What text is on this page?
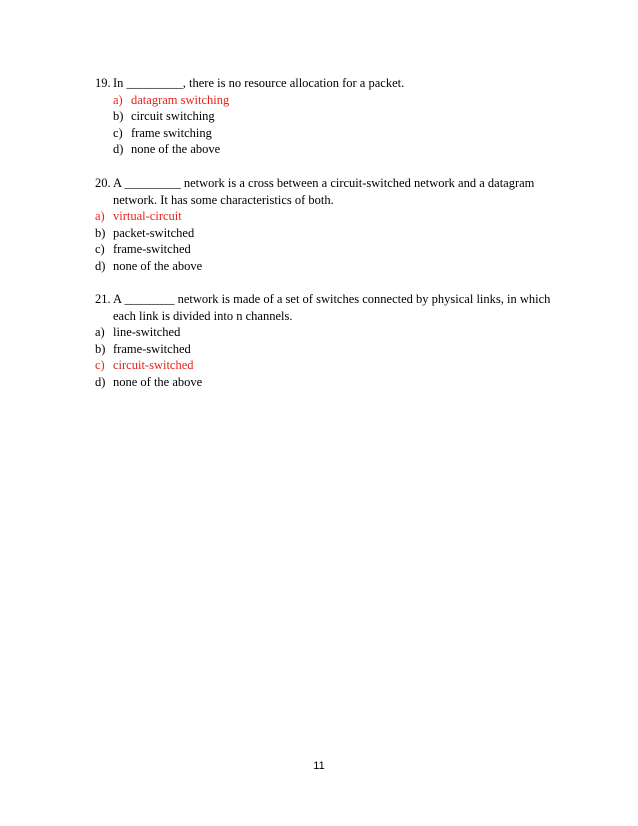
19. In _________, there is no resource allocation for a packet.
a) datagram switching
b) circuit switching
c) frame switching
d) none of the above
20. A _________ network is a cross between a circuit-switched network and a datagram network. It has some characteristics of both.
a) virtual-circuit
b) packet-switched
c) frame-switched
d) none of the above
21. A ________ network is made of a set of switches connected by physical links, in which each link is divided into n channels.
a) line-switched
b) frame-switched
c) circuit-switched
d) none of the above
11
